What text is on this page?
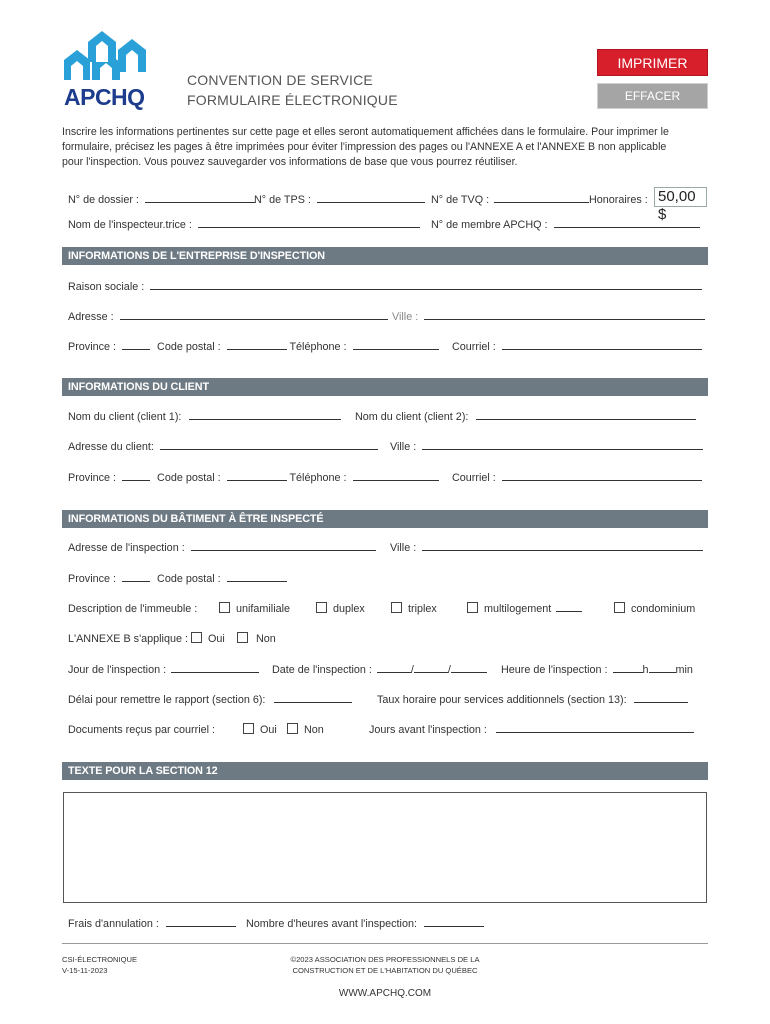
APCHQ
CONVENTION DE SERVICE
FORMULAIRE ÉLECTRONIQUE
IMPRIMER
EFFACER
Inscrire les informations pertinentes sur cette page et elles seront automatiquement affichées dans le formulaire. Pour imprimer le
formulaire, précisez les pages à être imprimées pour éviter l'impression des pages ou l'ANNEXE A et l'ANNEXE B non applicable
pour l'inspection. Vous pouvez sauvegarder vos informations de base que vous pourrez réutiliser.
N° de dossier :	N° de TPS :	N° de TVQ :	Honoraires : 50,00 $
Nom de l'inspecteur.trice :	N° de membre APCHQ :
INFORMATIONS DE L'ENTREPRISE D'INSPECTION
Raison sociale :
Adresse :	Ville :
Province :	Code postal :	Téléphone :	Courriel :
INFORMATIONS DU CLIENT
Nom du client (client 1):	Nom du client (client 2):
Adresse du client:	Ville :
Province :	Code postal :	Téléphone :	Courriel :
INFORMATIONS DU BÂTIMENT À ÊTRE INSPECTÉ
Adresse de l'inspection :	Ville :
Province :	Code postal :
Description de l'immeuble :	unifamiliale	duplex	triplex	multilogement	condominium
L'ANNEXE B s'applique : Oui	Non
Jour de l'inspection :	Date de l'inspection :	/	/	Heure de l'inspection :	h	min
Délai pour remettre le rapport (section 6):	Taux horaire pour services additionnels (section 13):
Documents reçus par courriel :	Oui	Non	Jours avant l'inspection :
TEXTE POUR LA SECTION 12
Frais d'annulation :	Nombre d'heures avant l'inspection:
CSI-ÉLECTRONIQUE
V-15-11-2023
©2023 ASSOCIATION DES PROFESSIONNELS DE LA
CONSTRUCTION ET DE L'HABITATION DU QUÉBEC
WWW.APCHQ.COM
